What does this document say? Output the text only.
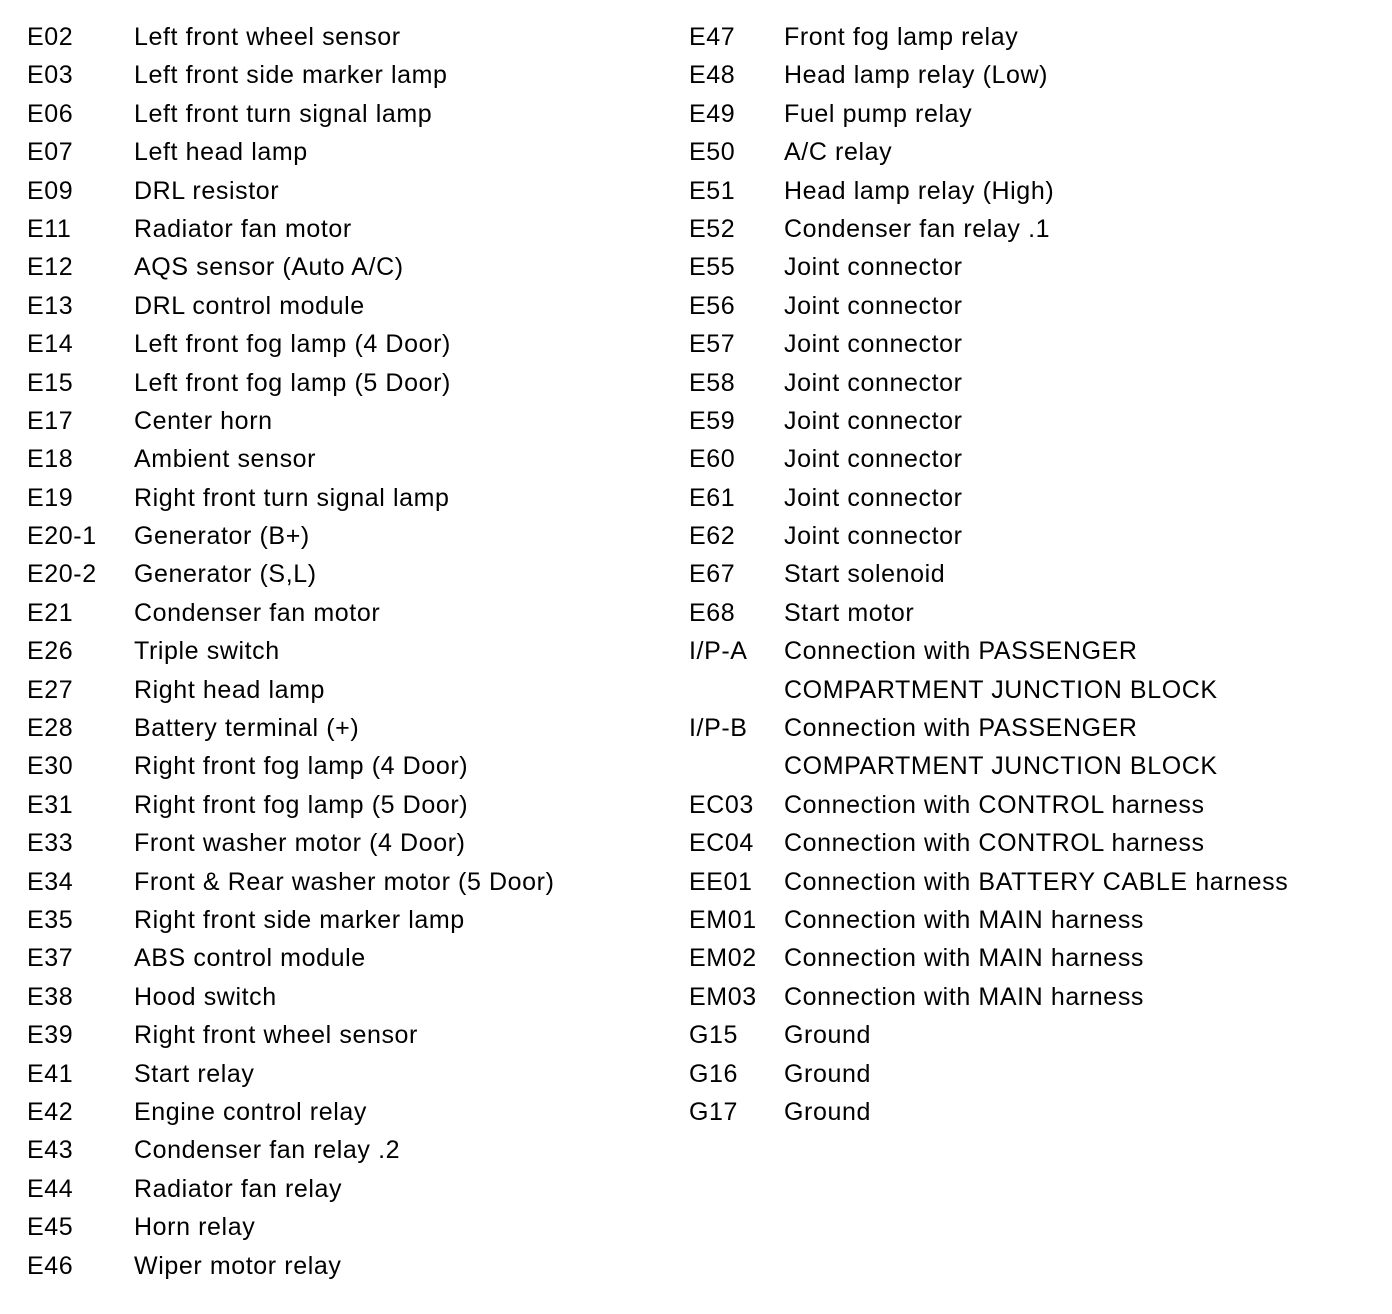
E02	Left front wheel sensor
E03	Left front side marker lamp
E06	Left front turn signal lamp
E07	Left head lamp
E09	DRL resistor
E11	Radiator fan motor
E12	AQS sensor (Auto A/C)
E13	DRL control module
E14	Left front fog lamp (4 Door)
E15	Left front fog lamp (5 Door)
E17	Center horn
E18	Ambient sensor
E19	Right front turn signal lamp
E20-1	Generator (B+)
E20-2	Generator (S,L)
E21	Condenser fan motor
E26	Triple switch
E27	Right head lamp
E28	Battery terminal (+)
E30	Right front fog lamp (4 Door)
E31	Right front fog lamp (5 Door)
E33	Front washer motor (4 Door)
E34	Front & Rear washer motor (5 Door)
E35	Right front side marker lamp
E37	ABS control module
E38	Hood switch
E39	Right front wheel sensor
E41	Start relay
E42	Engine control relay
E43	Condenser fan relay .2
E44	Radiator fan relay
E45	Horn relay
E46	Wiper motor relay
E47	Front fog lamp relay
E48	Head lamp relay (Low)
E49	Fuel pump relay
E50	A/C relay
E51	Head lamp relay (High)
E52	Condenser fan relay .1
E55	Joint connector
E56	Joint connector
E57	Joint connector
E58	Joint connector
E59	Joint connector
E60	Joint connector
E61	Joint connector
E62	Joint connector
E67	Start solenoid
E68	Start motor
I/P-A	Connection with PASSENGER
COMPARTMENT JUNCTION BLOCK
I/P-B	Connection with PASSENGER
COMPARTMENT JUNCTION BLOCK
EC03	Connection with CONTROL harness
EC04	Connection with CONTROL harness
EE01	Connection with BATTERY CABLE harness
EM01	Connection with MAIN harness
EM02	Connection with MAIN harness
EM03	Connection with MAIN harness
G15	Ground
G16	Ground
G17	Ground
